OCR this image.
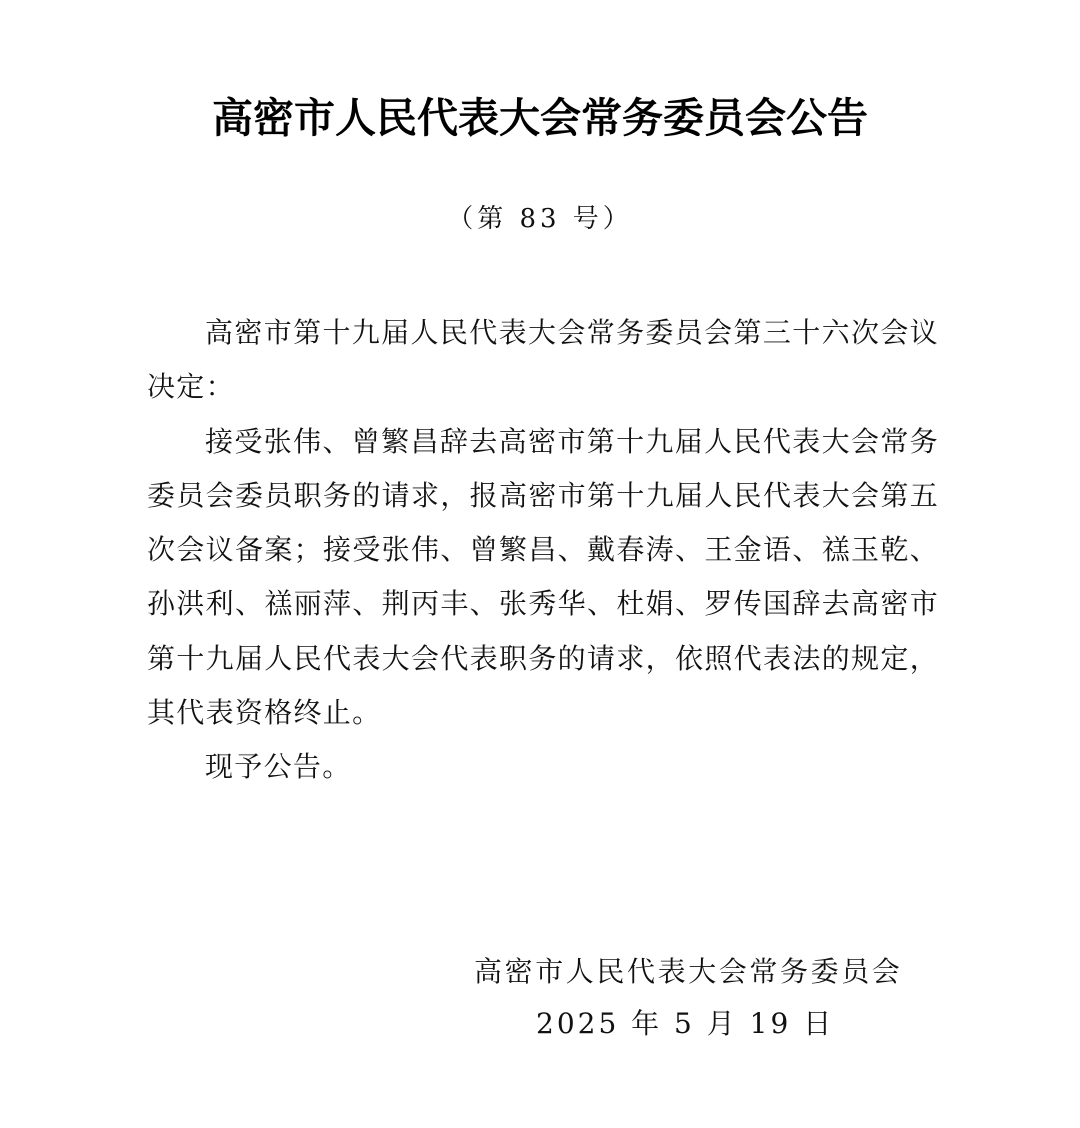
高密市人民代表大会常务委员会公告
（第 83 号）

高密市第十九届人民代表大会常务委员会第三十六次会议决定：

接受张伟、曾繁昌辞去高密市第十九届人民代表大会常务委员会委员职务的请求，报高密市第十九届人民代表大会第五次会议备案；接受张伟、曾繁昌、戴春涛、王金语、禚玉乾、孙洪利、禚丽萍、荆丙丰、张秀华、杜娟、罗传国辞去高密市第十九届人民代表大会代表职务的请求，依照代表法的规定，其代表资格终止。

现予公告。

高密市人民代表大会常务委员会
2025 年 5 月 19 日
